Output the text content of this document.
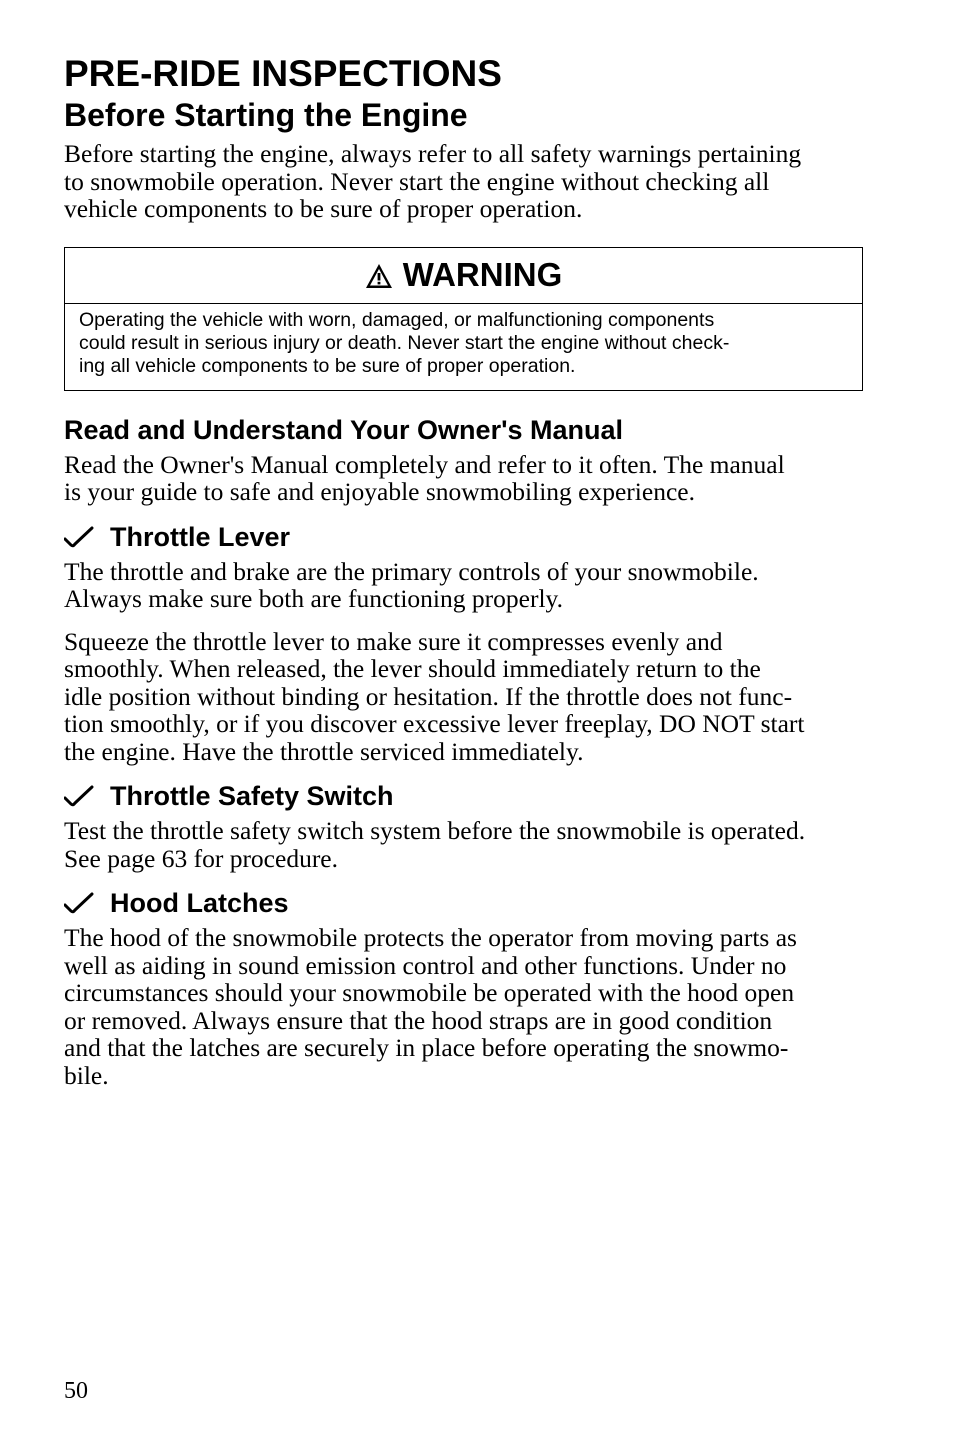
PRE-RIDE INSPECTIONS
Before Starting the Engine

Before starting the engine, always refer to all safety warnings pertaining
to snowmobile operation. Never start the engine without checking all
vehicle components to be sure of proper operation.

WARNING
Operating the vehicle with worn, damaged, or malfunctioning components
could result in serious injury or death. Never start the engine without check-
ing all vehicle components to be sure of proper operation.
Read and Understand Your Owner's Manual

Read the Owner's Manual completely and refer to it often. The manual
is your guide to safe and enjoyable snowmobiling experience.

Throttle Lever

The throttle and brake are the primary controls of your snowmobile.
Always make sure both are functioning properly.

Squeeze the throttle lever to make sure it compresses evenly and
smoothly. When released, the lever should immediately return to the
idle position without binding or hesitation. If the throttle does not func-
tion smoothly, or if you discover excessive lever freeplay, DO NOT start
the engine. Have the throttle serviced immediately.

Throttle Safety Switch

Test the throttle safety switch system before the snowmobile is operated.
See page 63 for procedure.

Hood Latches

The hood of the snowmobile protects the operator from moving parts as
well as aiding in sound emission control and other functions. Under no
circumstances should your snowmobile be operated with the hood open
or removed. Always ensure that the hood straps are in good condition
and that the latches are securely in place before operating the snowmo-
bile.

50
